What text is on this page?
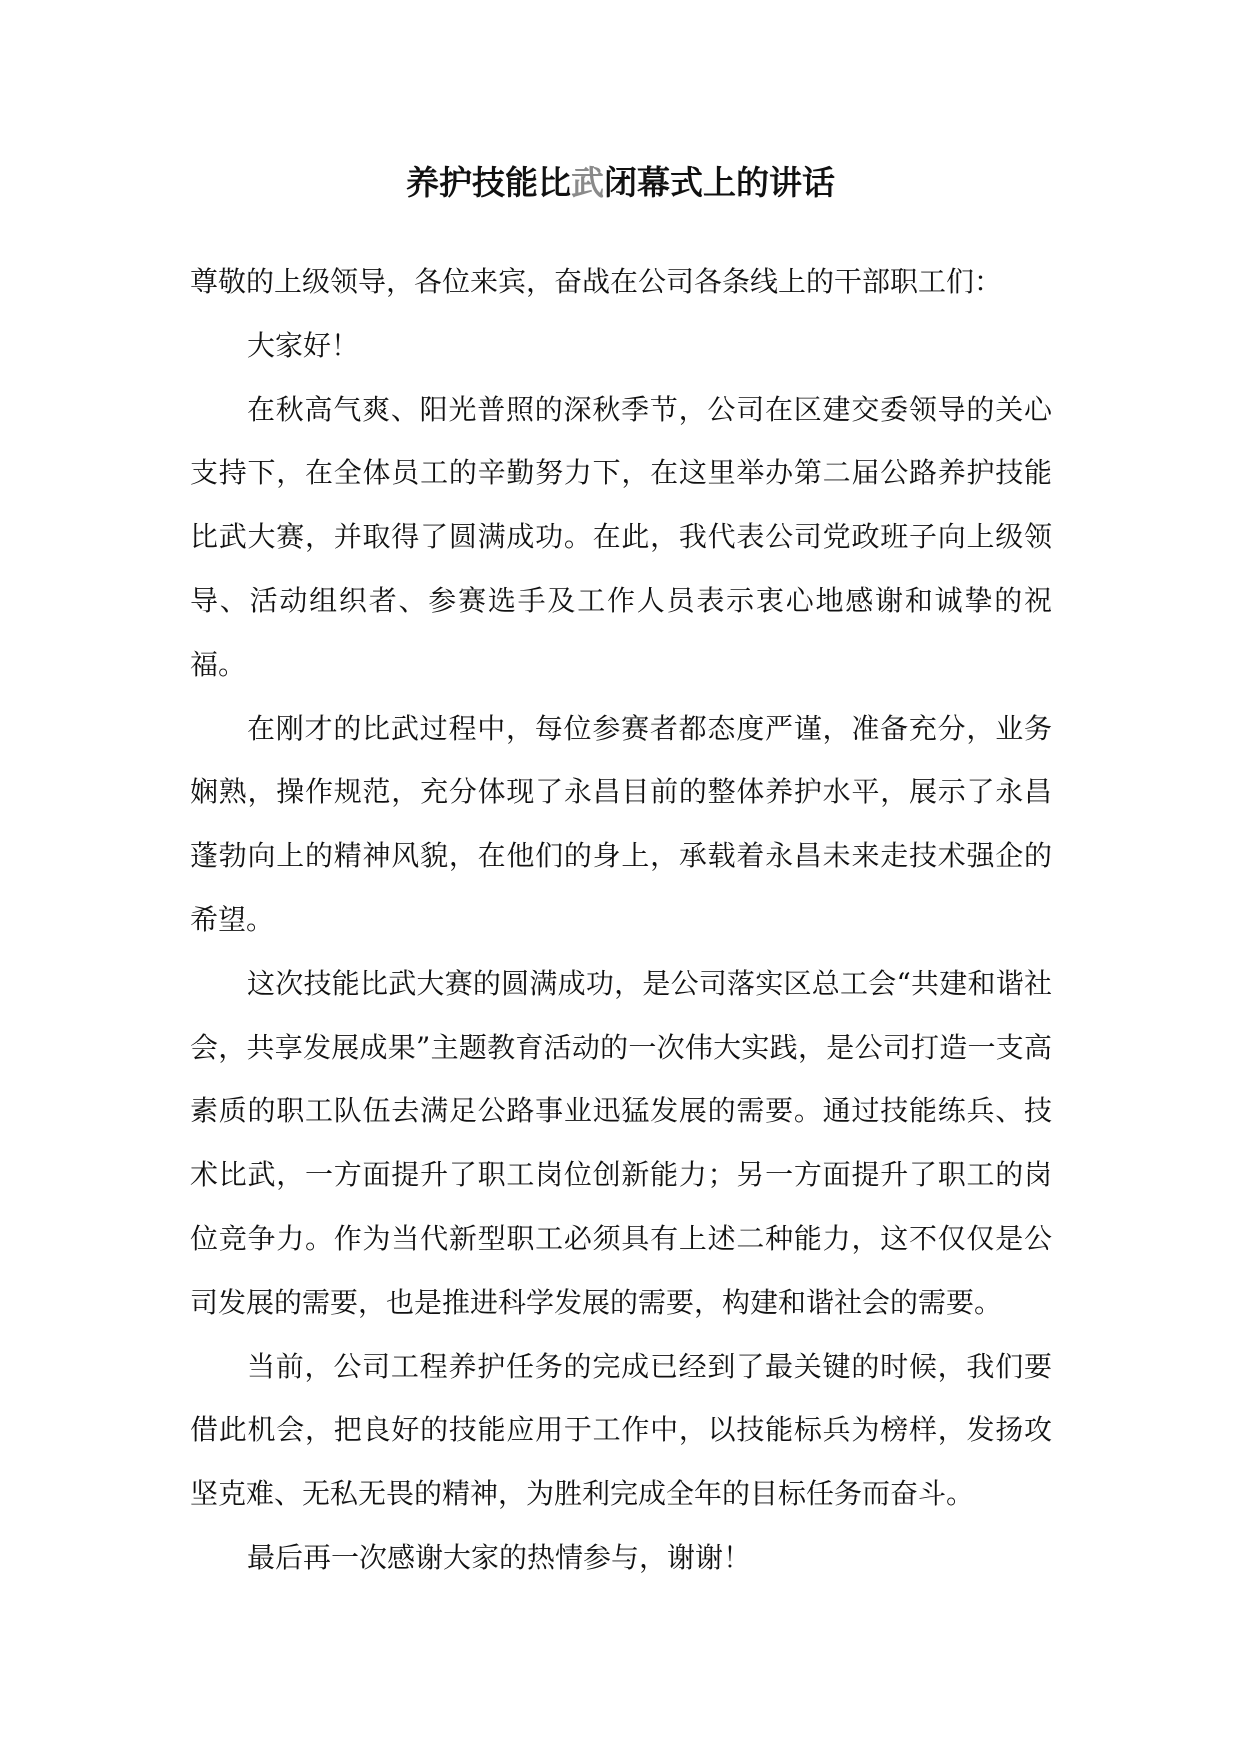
养护技能比武闭幕式上的讲话

尊敬的上级领导，各位来宾，奋战在公司各条线上的干部职工们：

大家好！

在秋高气爽、阳光普照的深秋季节，公司在区建交委领导的关心支持下，在全体员工的辛勤努力下，在这里举办第二届公路养护技能比武大赛，并取得了圆满成功。在此，我代表公司党政班子向上级领导、活动组织者、参赛选手及工作人员表示衷心地感谢和诚挚的祝福。

在刚才的比武过程中，每位参赛者都态度严谨，准备充分，业务娴熟，操作规范，充分体现了永昌目前的整体养护水平，展示了永昌蓬勃向上的精神风貌，在他们的身上，承载着永昌未来走技术强企的希望。

这次技能比武大赛的圆满成功，是公司落实区总工会“共建和谐社会，共享发展成果”主题教育活动的一次伟大实践，是公司打造一支高素质的职工队伍去满足公路事业迅猛发展的需要。通过技能练兵、技术比武，一方面提升了职工岗位创新能力；另一方面提升了职工的岗位竞争力。作为当代新型职工必须具有上述二种能力，这不仅仅是公司发展的需要，也是推进科学发展的需要，构建和谐社会的需要。

当前，公司工程养护任务的完成已经到了最关键的时候，我们要借此机会，把良好的技能应用于工作中，以技能标兵为榜样，发扬攻坚克难、无私无畏的精神，为胜利完成全年的目标任务而奋斗。

最后再一次感谢大家的热情参与，谢谢！
